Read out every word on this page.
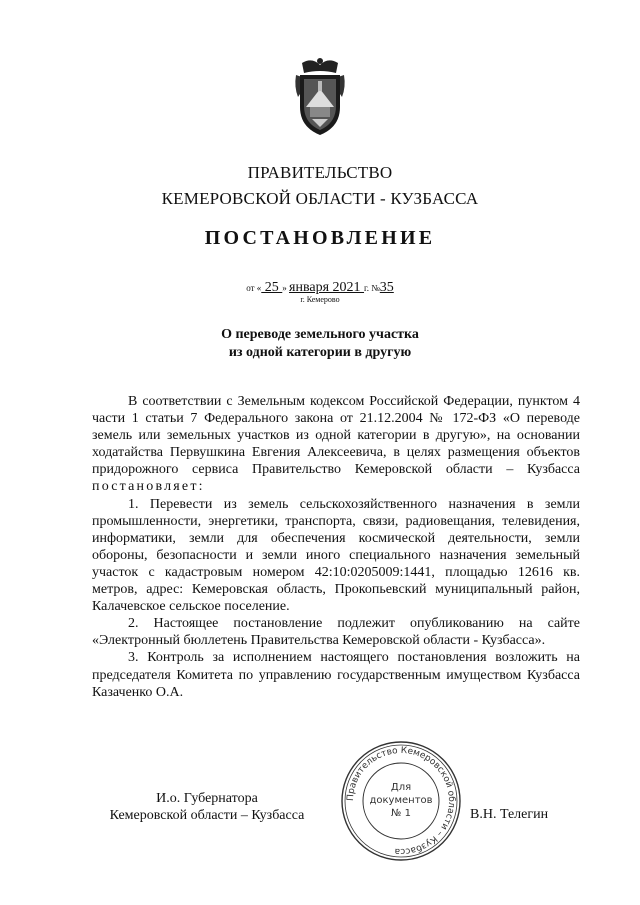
ПРАВИТЕЛЬСТВО
КЕМЕРОВСКОЙ ОБЛАСТИ - КУЗБАССА
ПОСТАНОВЛЕНИЕ
от « 25 » января 2021 г. №35
г. Кемерово
О переводе земельного участка
из одной категории в другую

В соответствии с Земельным кодексом Российской Федерации, пунктом 4 части 1 статьи 7 Федерального закона от 21.12.2004 № 172-ФЗ «О переводе земель или земельных участков из одной категории в другую», на основании ходатайства Первушкина Евгения Алексеевича, в целях размещения объектов придорожного сервиса Правительство Кемеровской области – Кузбасса постановляет:

1. Перевести из земель сельскохозяйственного назначения в земли промышленности, энергетики, транспорта, связи, радиовещания, телевидения, информатики, земли для обеспечения космической деятельности, земли обороны, безопасности и земли иного специального назначения земельный участок с кадастровым номером 42:10:0205009:1441, площадью 12616 кв. метров, адрес: Кемеровская область, Прокопьевский муниципальный район, Калачевское сельское поселение.

2. Настоящее постановление подлежит опубликованию на сайте «Электронный бюллетень Правительства Кемеровской области - Кузбасса».

3. Контроль за исполнением настоящего постановления возложить на председателя Комитета по управлению государственным имуществом Кузбасса Казаченко О.А.

И.о. Губернатора
Кемеровской области – Кузбасса	В.Н. Телегин
Правительство Кемеровской области – Кузбасса
Для
документов
№ 1
